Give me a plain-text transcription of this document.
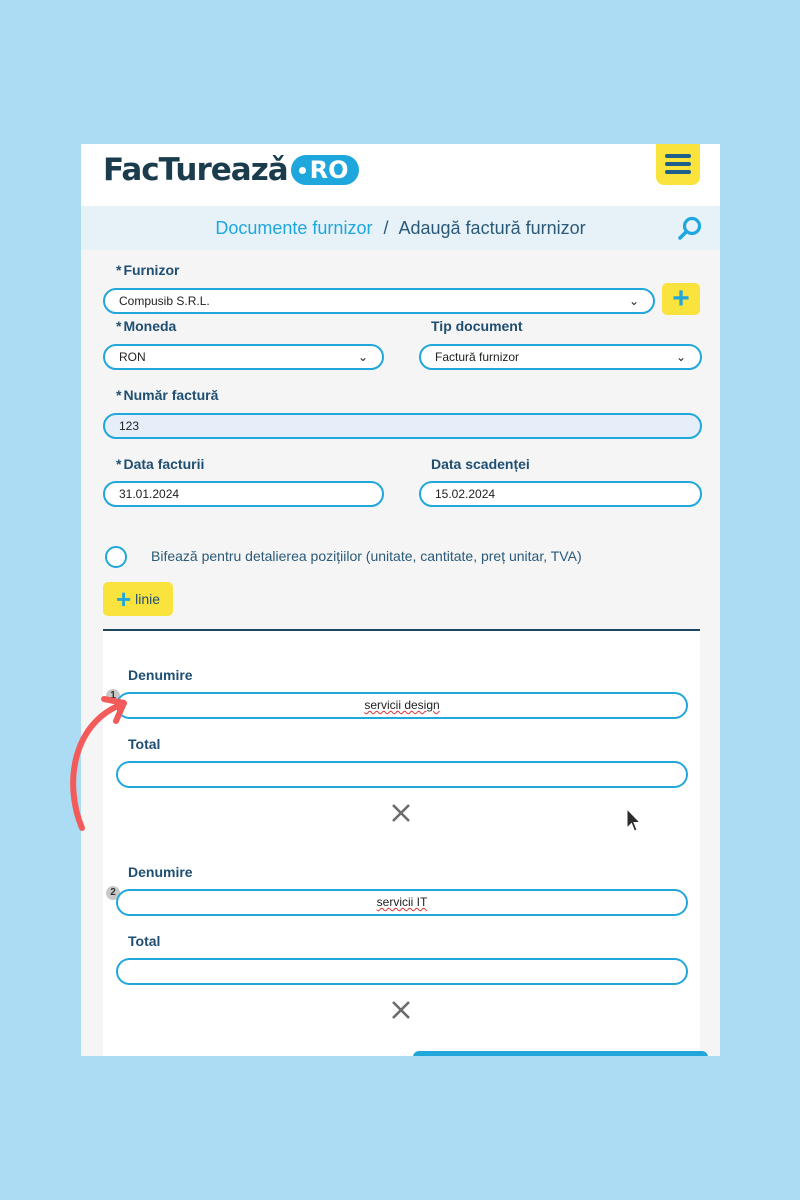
FacTureazǎ RO
Documente furnizor / Adaugă factură furnizor
* Furnizor
Compusib S.R.L.	⌄	+
* Moneda
RON	⌄
Tip document
Factură furnizor	⌄
* Număr factură
123
* Data facturii
31.01.2024
Data scadenței
15.02.2024
Bifează pentru detalierea pozițiilor (unitate, cantitate, preț unitar, TVA)
+ linie
Denumire
1
servicii design
Total
Denumire
2
servicii IT
Total
